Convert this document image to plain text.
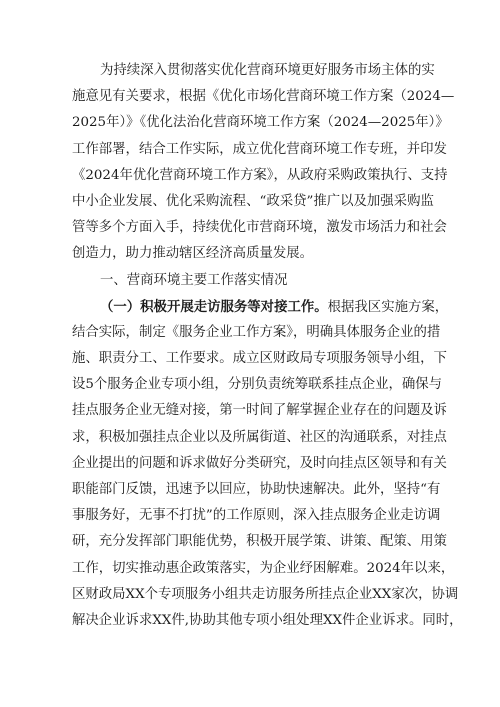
为持续深入贯彻落实优化营商环境更好服务市场主体的实
施意见有关要求，根据《优化市场化营商环境工作方案（2024—
2025年）》《优化法治化营商环境工作方案（2024—2025年）》
工作部署，结合工作实际，成立优化营商环境工作专班，并印发
《2024年优化营商环境工作方案》，从政府采购政策执行、支持
中小企业发展、优化采购流程、“政采贷”推广以及加强采购监
管等多个方面入手，持续优化市营商环境，激发市场活力和社会
创造力，助力推动辖区经济高质量发展。
一、营商环境主要工作落实情况
（一）积极开展走访服务等对接工作。根据我区实施方案，
结合实际，制定《服务企业工作方案》，明确具体服务企业的措
施、职责分工、工作要求。成立区财政局专项服务领导小组，下
设5个服务企业专项小组，分别负责统筹联系挂点企业，确保与
挂点服务企业无缝对接，第一时间了解掌握企业存在的问题及诉
求，积极加强挂点企业以及所属街道、社区的沟通联系，对挂点
企业提出的问题和诉求做好分类研究，及时向挂点区领导和有关
职能部门反馈，迅速予以回应，协助快速解决。此外，坚持“有
事服务好，无事不打扰”的工作原则，深入挂点服务企业走访调
研，充分发挥部门职能优势，积极开展学策、讲策、配策、用策
工作，切实推动惠企政策落实，为企业纾困解难。2024年以来，
区财政局XX个专项服务小组共走访服务所挂点企业XX家次，协调
解决企业诉求XX件,协助其他专项小组处理XX件企业诉求。同时，
